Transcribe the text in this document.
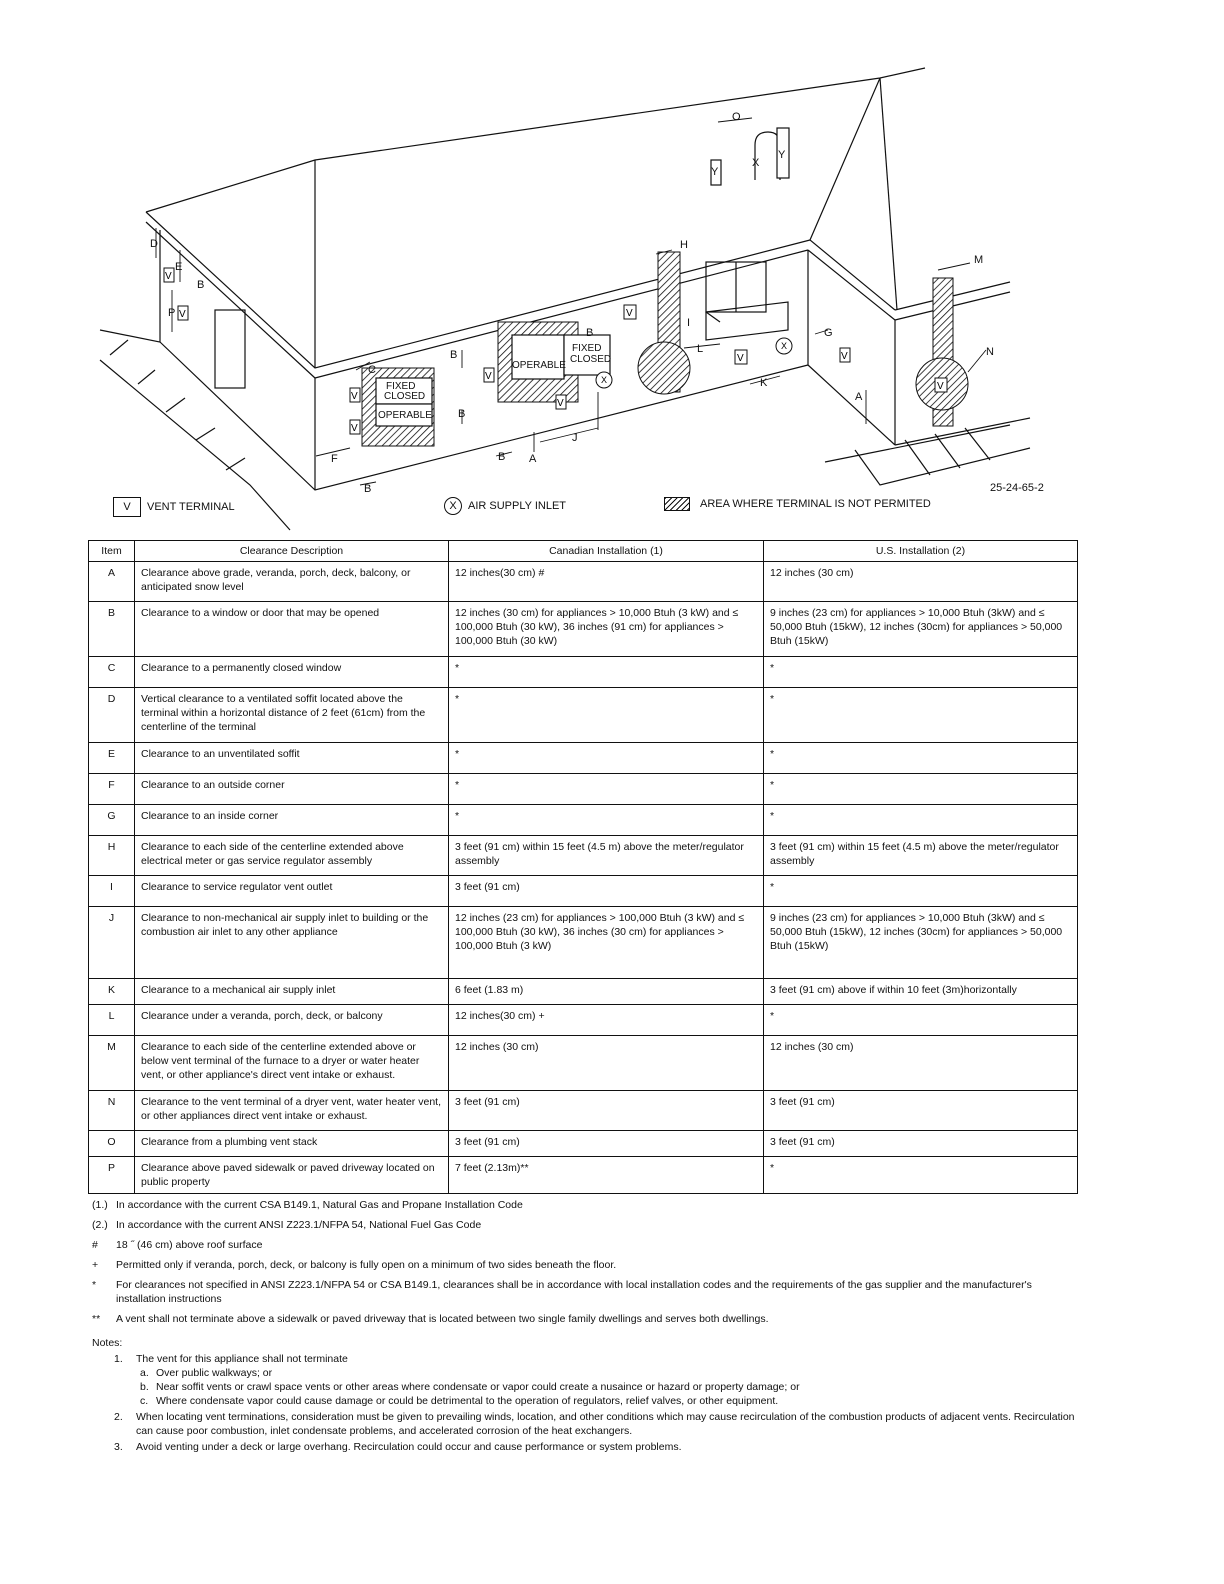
FIXED
CLOSED
OPERABLE
OPERABLE
FIXED
CLOSED
V
V
V
V
V
V
V
V	V
V
X
X
D
E
B
P
C
F
B
B
B
B A
J
B
H
I
L
K
G
A
M
N
O
Y
X
Y
25-24-65-2
V	VENT TERMINAL	X	AIR SUPPLY INLET	AREA WHERE TERMINAL IS NOT PERMITED
Item	Clearance Description	Canadian Installation (1)	U.S. Installation (2)
A	Clearance above grade, veranda, porch, deck, balcony, or anticipated snow level	12 inches(30 cm) #	12 inches (30 cm)
B	Clearance to a window or door that may be opened	12 inches (30 cm) for appliances > 10,000 Btuh (3 kW) and ≤ 100,000 Btuh (30 kW), 36 inches (91 cm) for appliances > 100,000 Btuh (30 kW)	9 inches (23 cm) for appliances > 10,000 Btuh (3kW) and ≤ 50,000 Btuh (15kW), 12 inches (30cm) for appliances > 50,000 Btuh (15kW)
C	Clearance to a permanently closed window	*	*
D	Vertical clearance to a ventilated soffit located above the terminal within a horizontal distance of 2 feet (61cm) from the centerline of the terminal	*	*
E	Clearance to an unventilated soffit	*	*
F	Clearance to an outside corner	*	*
G	Clearance to an inside corner	*	*
H	Clearance to each side of the centerline extended above electrical meter or gas service regulator assembly	3 feet (91 cm) within 15 feet (4.5 m) above the meter/regulator assembly	3 feet (91 cm) within 15 feet (4.5 m) above the meter/regulator assembly
I	Clearance to service regulator vent outlet	3 feet (91 cm)	*
J	Clearance to non-mechanical air supply inlet to building or the combustion air inlet to any other appliance	12 inches (23 cm) for appliances > 100,000 Btuh (3 kW) and ≤ 100,000 Btuh (30 kW), 36 inches (30 cm) for appliances > 100,000 Btuh (3 kW)	9 inches (23 cm) for appliances > 10,000 Btuh (3kW) and ≤ 50,000 Btuh (15kW), 12 inches (30cm) for appliances > 50,000 Btuh (15kW)
K	Clearance to a mechanical air supply inlet	6 feet (1.83 m)	3 feet (91 cm) above if within 10 feet (3m)horizontally
L	Clearance under a veranda, porch, deck, or balcony	12 inches(30 cm) +	*
M	Clearance to each side of the centerline extended above or below vent terminal of the furnace to a dryer or water heater vent, or other appliance's direct vent intake or exhaust.	12 inches (30 cm)	12 inches (30 cm)
N	Clearance to the vent terminal of a dryer vent, water heater vent, or other appliances direct vent intake or exhaust.	3 feet (91 cm)	3 feet (91 cm)
O	Clearance from a plumbing vent stack	3 feet (91 cm)	3 feet (91 cm)
P	Clearance above paved sidewalk or paved driveway located on public property	7 feet (2.13m)**	*
(1.) In accordance with the current CSA B149.1, Natural Gas and Propane Installation Code
(2.) In accordance with the current ANSI Z223.1/NFPA 54, National Fuel Gas Code
#	18 ˝ (46 cm) above roof surface
+	Permitted only if veranda, porch, deck, or balcony is fully open on a minimum of two sides beneath the floor.
*	For clearances not specified in ANSI Z223.1/NFPA 54 or CSA B149.1, clearances shall be in accordance with local installation codes and the requirements of the gas supplier and the manufacturer's installation instructions
**	A vent shall not terminate above a sidewalk or paved driveway that is located between two single family dwellings and serves both dwellings.
Notes:
1.	The vent for this appliance shall not terminate
a. Over public walkways; or
b. Near soffit vents or crawl space vents or other areas where condensate or vapor could create a nusaince or hazard or property damage; or
c. Where condensate vapor could cause damage or could be detrimental to the operation of regulators, relief valves, or other equipment.
2.	When locating vent terminations, consideration must be given to prevailing winds, location, and other conditions which may cause recirculation of the combustion products of adjacent vents. Recirculation can cause poor combustion, inlet condensate problems, and accelerated corrosion of the heat exchangers.
3.	Avoid venting under a deck or large overhang. Recirculation could occur and cause performance or system problems.
